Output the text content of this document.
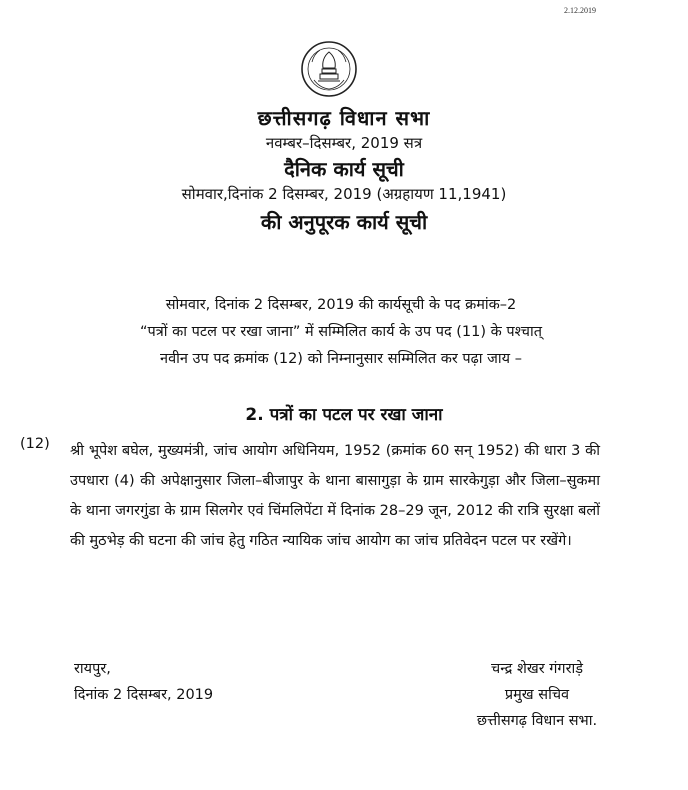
2.12.2019
छत्तीसगढ़ विधान सभा
नवम्बर–दिसम्बर, 2019 सत्र
दैनिक कार्य सूची
सोमवार,दिनांक 2 दिसम्बर, 2019 (अग्रहायण 11,1941)
की अनुपूरक कार्य सूची
सोमवार, दिनांक 2 दिसम्बर, 2019 की कार्यसूची के पद क्रमांक–2
“पत्रों का पटल पर रखा जाना” में सम्मिलित कार्य के उप पद (11) के पश्चात्
नवीन उप पद क्रमांक (12) को निम्नानुसार सम्मिलित कर पढ़ा जाय –
2. पत्रों का पटल पर रखा जाना
(12) श्री भूपेश बघेल, मुख्यमंत्री, जांच आयोग अधिनियम, 1952 (क्रमांक 60 सन् 1952) की धारा 3 की उपधारा (4) की अपेक्षानुसार जिला–बीजापुर के थाना बासागुड़ा के ग्राम सारकेगुड़ा और जिला–सुकमा के थाना जगरगुंडा के ग्राम सिलगेर एवं चिंमलिपेंटा में दिनांक 28–29 जून, 2012 की रात्रि सुरक्षा बलों की मुठभेड़ की घटना की जांच हेतु गठित न्यायिक जांच आयोग का जांच प्रतिवेदन पटल पर रखेंगे।
रायपुर,
दिनांक 2 दिसम्बर, 2019
चन्द्र शेखर गंगराड़े
प्रमुख सचिव
छत्तीसगढ़ विधान सभा.
